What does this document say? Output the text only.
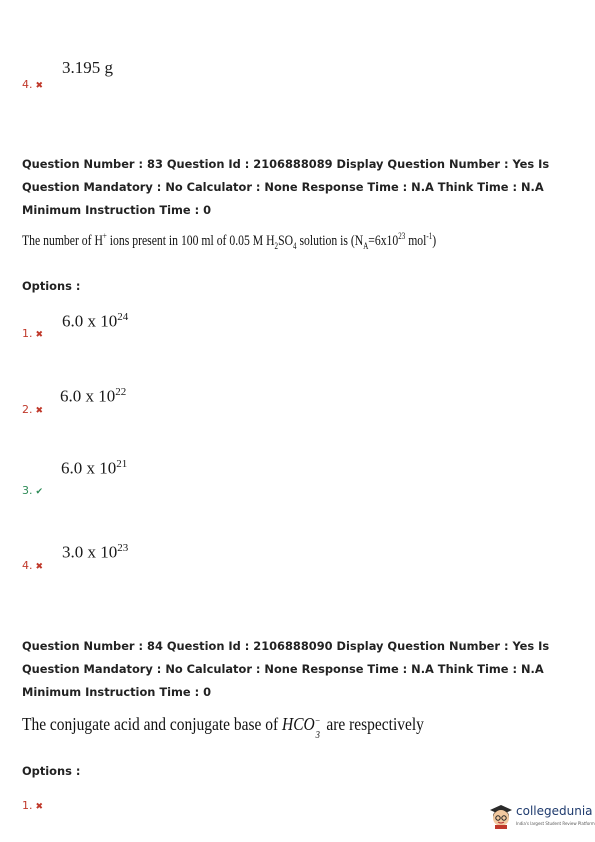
3.195 g
4. ✖
Question Number : 83 Question Id : 2106888089 Display Question Number : Yes Is Question Mandatory : No Calculator : None Response Time : N.A Think Time : N.A Minimum Instruction Time : 0
The number of H+ ions present in 100 ml of 0.05 M $H_2SO_4$ solution is ($N_A=6x10^{23}$ mol$^{-1}$)
Options :
6.0 x $10^{24}$
1. ✖
6.0 x $10^{22}$
2. ✖
6.0 x $10^{21}$
3. ✔
3.0 x $10^{23}$
4. ✖
Question Number : 84 Question Id : 2106888090 Display Question Number : Yes Is Question Mandatory : No Calculator : None Response Time : N.A Think Time : N.A Minimum Instruction Time : 0
The conjugate acid and conjugate base of HCO −
3
are respectively
Options :
1. ✖	collegedunia
India's largest Student Review Platform
